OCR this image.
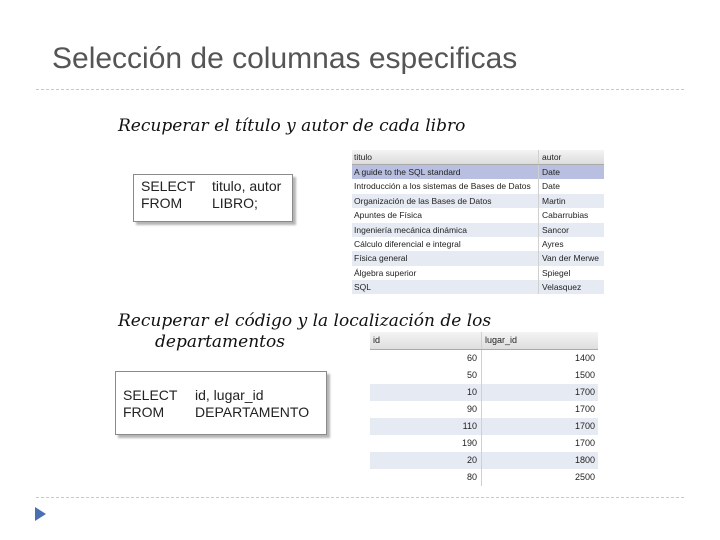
Selección de columnas especificas
Recuperar el título y autor de cada libro
SELECT titulo, autor
FROM LIBRO;
titulo	autor
A guide to the SQL standard	Date
Introducción a los sistemas de Bases de Datos	Date
Organización de las Bases de Datos	Martin
Apuntes de Física	Cabarrubias
Ingeniería mecánica dinámica	Sancor
Cálculo diferencial e integral	Ayres
Física general	Van der Merwe
Álgebra superior	Spiegel
SQL	Velasquez
Recuperar el código y la localización de los
departamentos
SELECT id, lugar_id
FROM DEPARTAMENTO
id	lugar_id
60	1400
50	1500
10	1700
90	1700
110	1700
190	1700
20	1800
80	2500
